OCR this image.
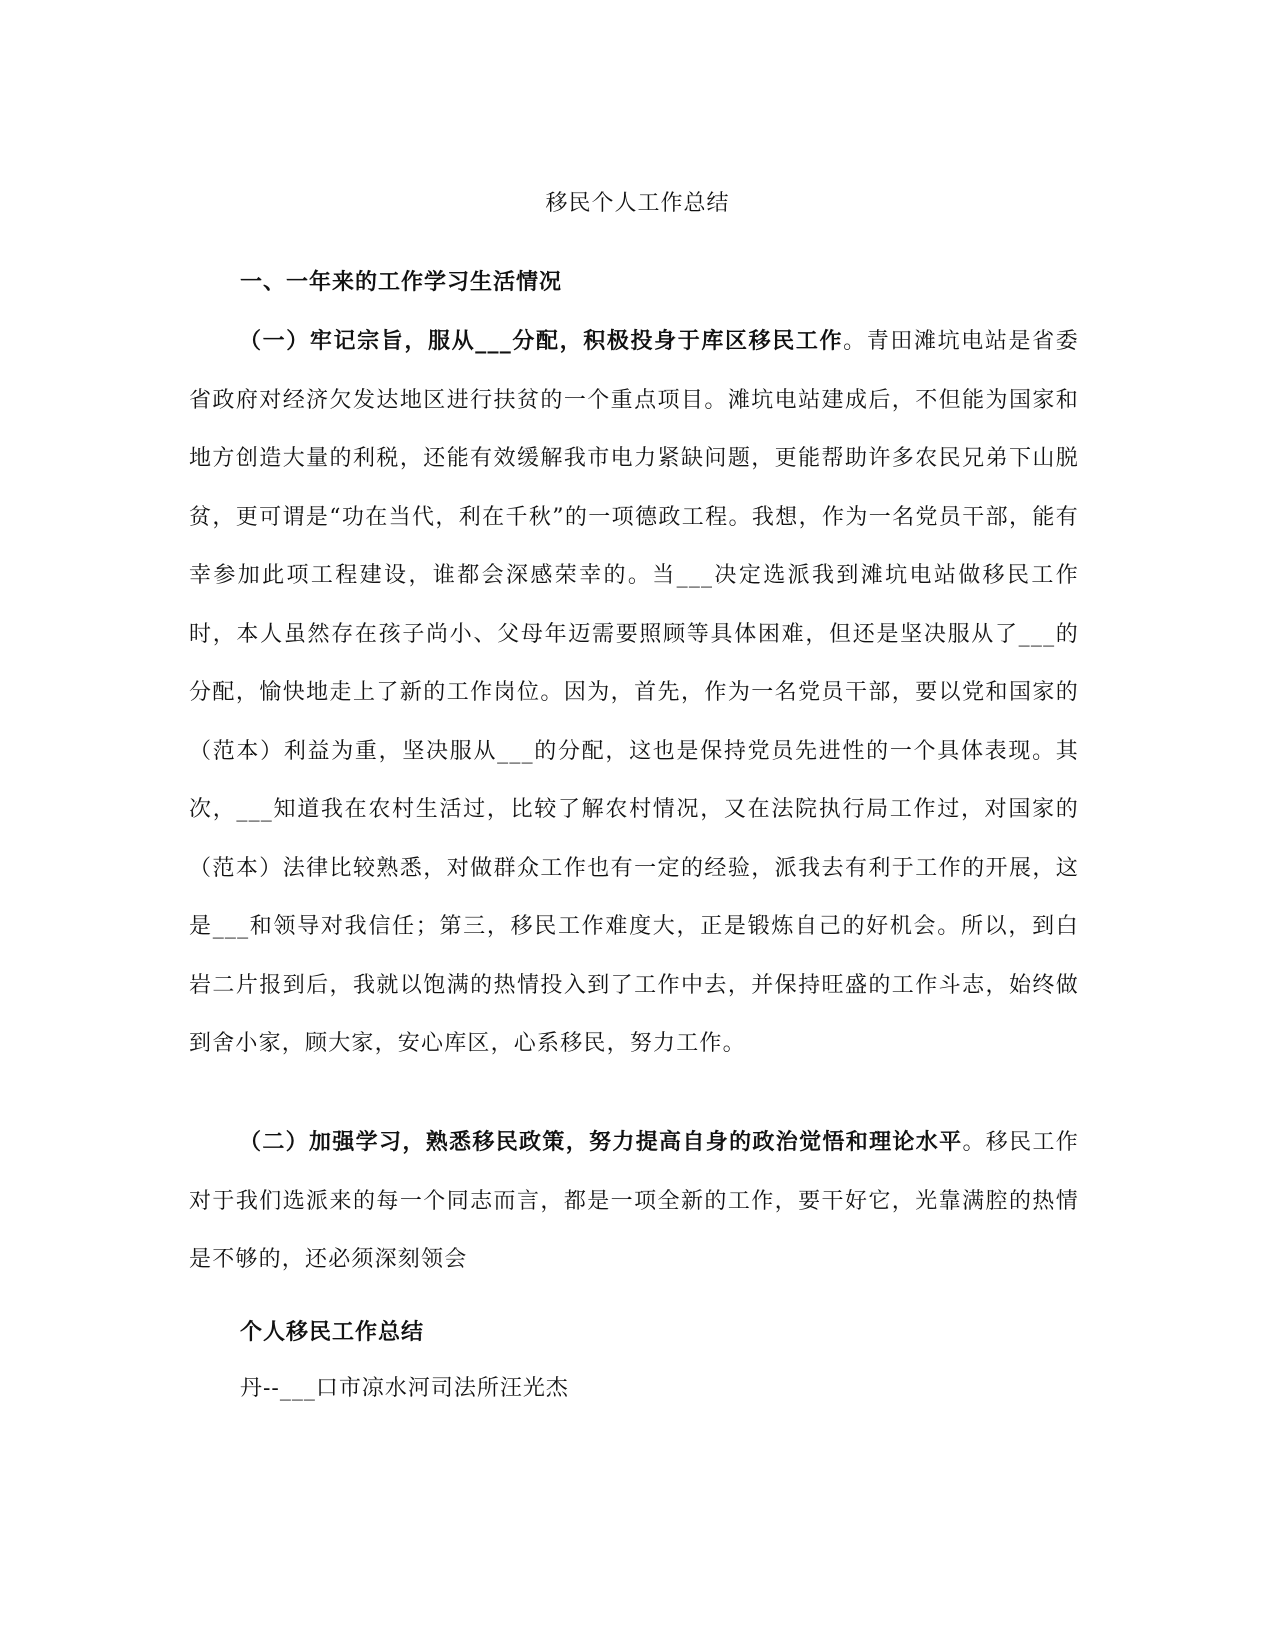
移民个人工作总结
一、一年来的工作学习生活情况

（一）牢记宗旨，服从___分配，积极投身于库区移民工作。青田滩坑电站是省委省政府对经济欠发达地区进行扶贫的一个重点项目。滩坑电站建成后，不但能为国家和地方创造大量的利税，还能有效缓解我市电力紧缺问题，更能帮助许多农民兄弟下山脱贫，更可谓是“功在当代，利在千秋”的一项德政工程。我想，作为一名党员干部，能有幸参加此项工程建设，谁都会深感荣幸的。当___决定选派我到滩坑电站做移民工作时，本人虽然存在孩子尚小、父母年迈需要照顾等具体困难，但还是坚决服从了___的分配，愉快地走上了新的工作岗位。因为，首先，作为一名党员干部，要以党和国家的（范本）利益为重，坚决服从___的分配，这也是保持党员先进性的一个具体表现。其次，___知道我在农村生活过，比较了解农村情况，又在法院执行局工作过，对国家的（范本）法律比较熟悉，对做群众工作也有一定的经验，派我去有利于工作的开展，这是___和领导对我信任；第三，移民工作难度大，正是锻炼自己的好机会。所以，到白岩二片报到后，我就以饱满的热情投入到了工作中去，并保持旺盛的工作斗志，始终做到舍小家，顾大家，安心库区，心系移民，努力工作。

（二）加强学习，熟悉移民政策，努力提高自身的政治觉悟和理论水平。移民工作对于我们选派来的每一个同志而言，都是一项全新的工作，要干好它，光靠满腔的热情是不够的，还必须深刻领会

个人移民工作总结
丹--___口市凉水河司法所汪光杰
